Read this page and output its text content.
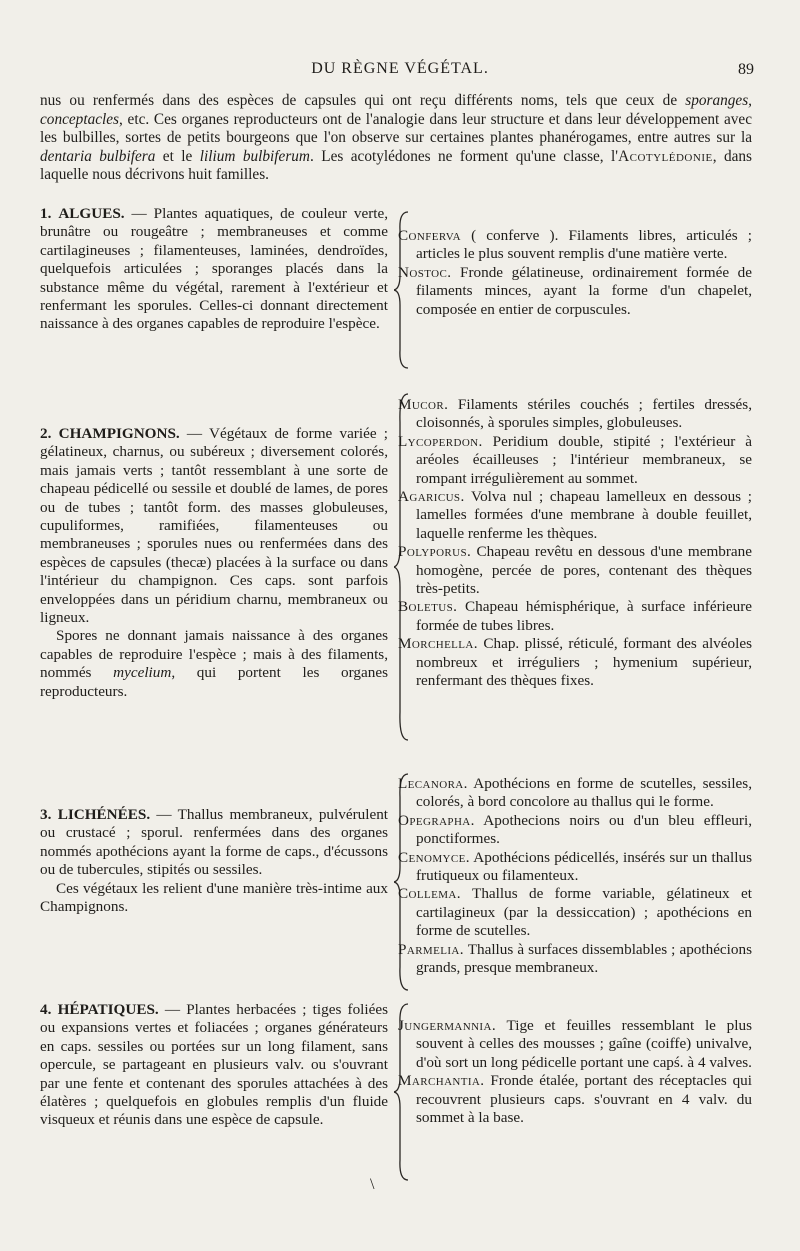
DU RÈGNE VÉGÉTAL.	89
nus ou renfermés dans des espèces de capsules qui ont reçu différents noms, tels que ceux de sporanges, conceptacles, etc. Ces organes reproducteurs ont de l'analogie dans leur structure et dans leur développement avec les bulbilles, sortes de petits bourgeons que l'on observe sur certaines plantes phanérogames, entre autres sur la dentaria bulbifera et le lilium bulbiferum. Les acotylédones ne forment qu'une classe, l'Acotylédonie, dans laquelle nous décrivons huit familles.

1. ALGUES. — Plantes aquatiques, de couleur verte, brunâtre ou rougeâtre ; membraneuses et comme cartilagineuses ; filamenteuses, laminées, dendroïdes, quelquefois articulées ; sporanges placés dans la substance même du végétal, rarement à l'extérieur et renfermant les sporules. Celles-ci donnant directement naissance à des organes capables de reproduire l'espèce.

Conferva ( conferve ). Filaments libres, articulés ; articles le plus souvent remplis d'une matière verte.
Nostoc. Fronde gélatineuse, ordinairement formée de filaments minces, ayant la forme d'un chapelet, composée en entier de corpuscules.

2. CHAMPIGNONS. — Végétaux de forme variée ; gélatineux, charnus, ou subéreux ; diversement colorés, mais jamais verts ; tantôt ressemblant à une sorte de chapeau pédicellé ou sessile et doublé de lames, de pores ou de tubes ; tantôt form. des masses globuleuses, cupuliformes, ramifiées, filamenteuses ou membraneuses ; sporules nues ou renfermées dans des espèces de capsules (thecæ) placées à la surface ou dans l'intérieur du champignon. Ces caps. sont parfois enveloppées dans un péridium charnu, membraneux ou ligneux.

Spores ne donnant jamais naissance à des organes capables de reproduire l'espèce ; mais à des filaments, nommés mycelium, qui portent les organes reproducteurs.

Mucor. Filaments stériles couchés ; fertiles dressés, cloisonnés, à sporules simples, globuleuses.
Lycoperdon. Peridium double, stipité ; l'extérieur à aréoles écailleuses ; l'intérieur membraneux, se rompant irrégulièrement au sommet.
Agaricus. Volva nul ; chapeau lamelleux en dessous ; lamelles formées d'une membrane à double feuillet, laquelle renferme les thèques.
Polyporus. Chapeau revêtu en dessous d'une membrane homogène, percée de pores, contenant des thèques très-petits.
Boletus. Chapeau hémisphérique, à surface inférieure formée de tubes libres.
Morchella. Chap. plissé, réticulé, formant des alvéoles nombreux et irréguliers ; hymenium supérieur, renfermant des thèques fixes.

3. LICHÉNÉES. — Thallus membraneux, pulvérulent ou crustacé ; sporul. renfermées dans des organes nommés apothécions ayant la forme de caps., d'écussons ou de tubercules, stipités ou sessiles.

Ces végétaux les relient d'une manière très-intime aux Champignons.

Lecanora. Apothécions en forme de scutelles, sessiles, colorés, à bord concolore au thallus qui le forme.
Opegrapha. Apothecions noirs ou d'un bleu effleuri, ponctiformes.
Cenomyce. Apothécions pédicellés, insérés sur un thallus frutiqueux ou filamenteux.
Collema. Thallus de forme variable, gélatineux et cartilagineux (par la dessiccation) ; apothécions en forme de scutelles.
Parmelia. Thallus à surfaces dissemblables ; apothécions grands, presque membraneux.

4. HÉPATIQUES. — Plantes herbacées ; tiges foliées ou expansions vertes et foliacées ; organes générateurs en caps. sessiles ou portées sur un long filament, sans opercule, se partageant en plusieurs valv. ou s'ouvrant par une fente et contenant des sporules attachées à des élatères ; quelquefois en globules remplis d'un fluide visqueux et réunis dans une espèce de capsule.

Jungermannia. Tige et feuilles ressemblant le plus souvent à celles des mousses ; gaîne (coiffe) univalve, d'où sort un long pédicelle portant une capś. à 4 valves.
Marchantia. Fronde étalée, portant des réceptacles qui recouvrent plusieurs caps. s'ouvrant en 4 valv. du sommet à la base.
\
